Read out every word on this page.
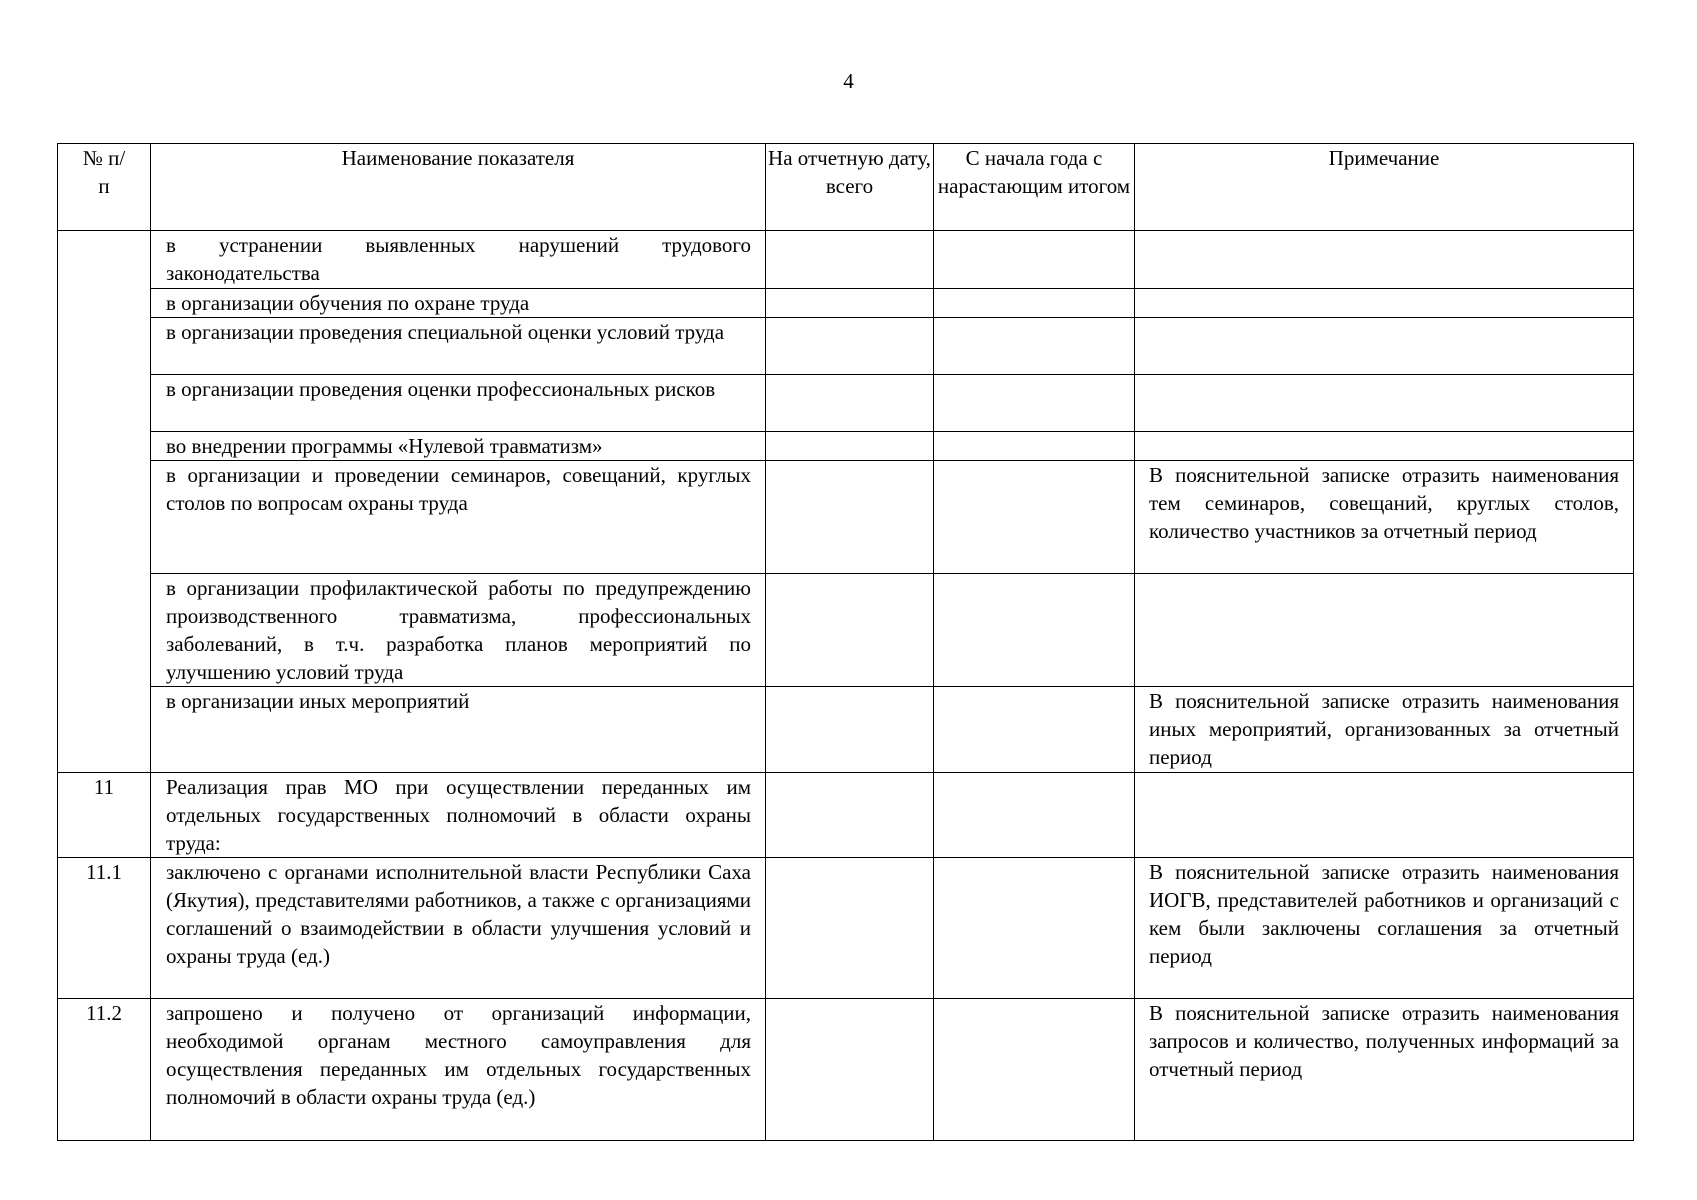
4
№ п/п	Наименование показателя	На отчетную дату, всего	С начала года с нарастающим итогом	Примечание
	в устранении выявленных нарушений трудового законодательства			
	в организации обучения по охране труда			
	в организации проведения специальной оценки условий труда			
	в организации проведения оценки профессиональных рисков			
	во внедрении программы «Нулевой травматизм»			
	в организации и проведении семинаров, совещаний, круглых столов по вопросам охраны труда			В пояснительной записке отразить наименования тем семинаров, совещаний, круглых столов, количество участников за отчетный период
	в организации профилактической работы по предупреждению производственного травматизма, профессиональных заболеваний, в т.ч. разработка планов мероприятий по улучшению условий труда			
	в организации иных мероприятий			В пояснительной записке отразить наименования иных мероприятий, организованных за отчетный период
11	Реализация прав МО при осуществлении переданных им отдельных государственных полномочий в области охраны труда:			
11.1	заключено с органами исполнительной власти Республики Саха (Якутия), представителями работников, а также с организациями соглашений о взаимодействии в области улучшения условий и охраны труда (ед.)			В пояснительной записке отразить наименования ИОГВ, представителей работников и организаций с кем были заключены соглашения за отчетный период
11.2	запрошено и получено от организаций информации, необходимой органам местного самоуправления для осуществления переданных им отдельных государственных полномочий в области охраны труда (ед.)			В пояснительной записке отразить наименования запросов и количество, полученных информаций за отчетный период
